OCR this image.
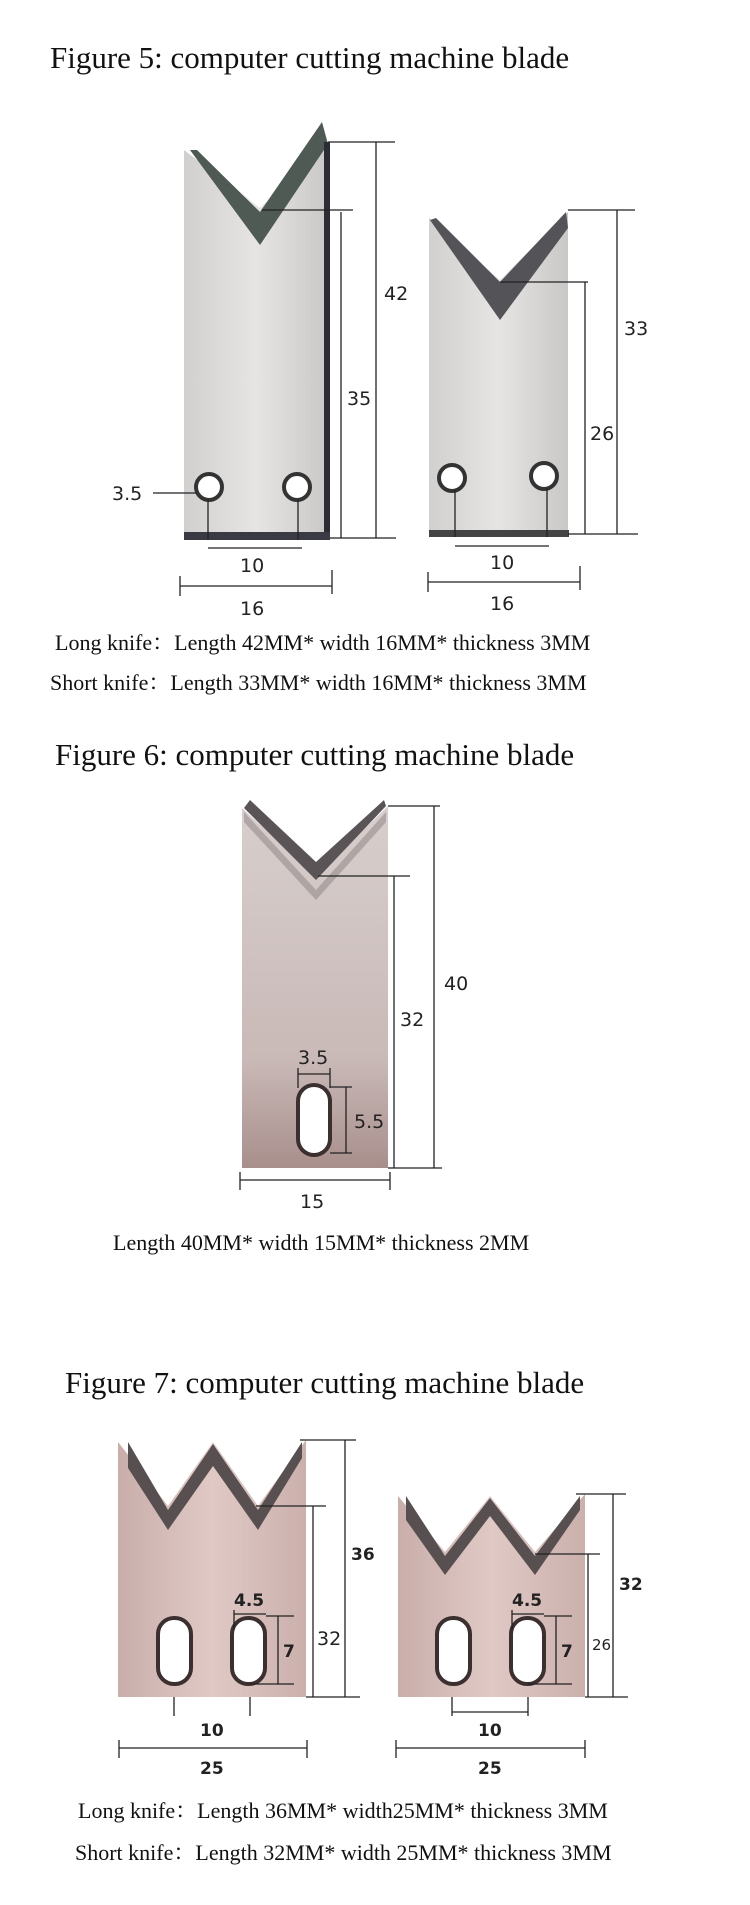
Figure 5: computer cutting machine blade
42
35
3.5
10
16
33
26
10
16
Long knife：Length 42MM* width 16MM* thickness 3MM
Short knife：Length 33MM* width 16MM* thickness 3MM
Figure 6: computer cutting machine blade
40
32
3.5
5.5
15
Length 40MM* width 15MM* thickness 2MM
Figure 7: computer cutting machine blade
36
32
4.5
7
10
25
32
26
4.5
7
10
25
Long knife：Length 36MM* width25MM* thickness 3MM
Short knife：Length 32MM* width 25MM* thickness 3MM
